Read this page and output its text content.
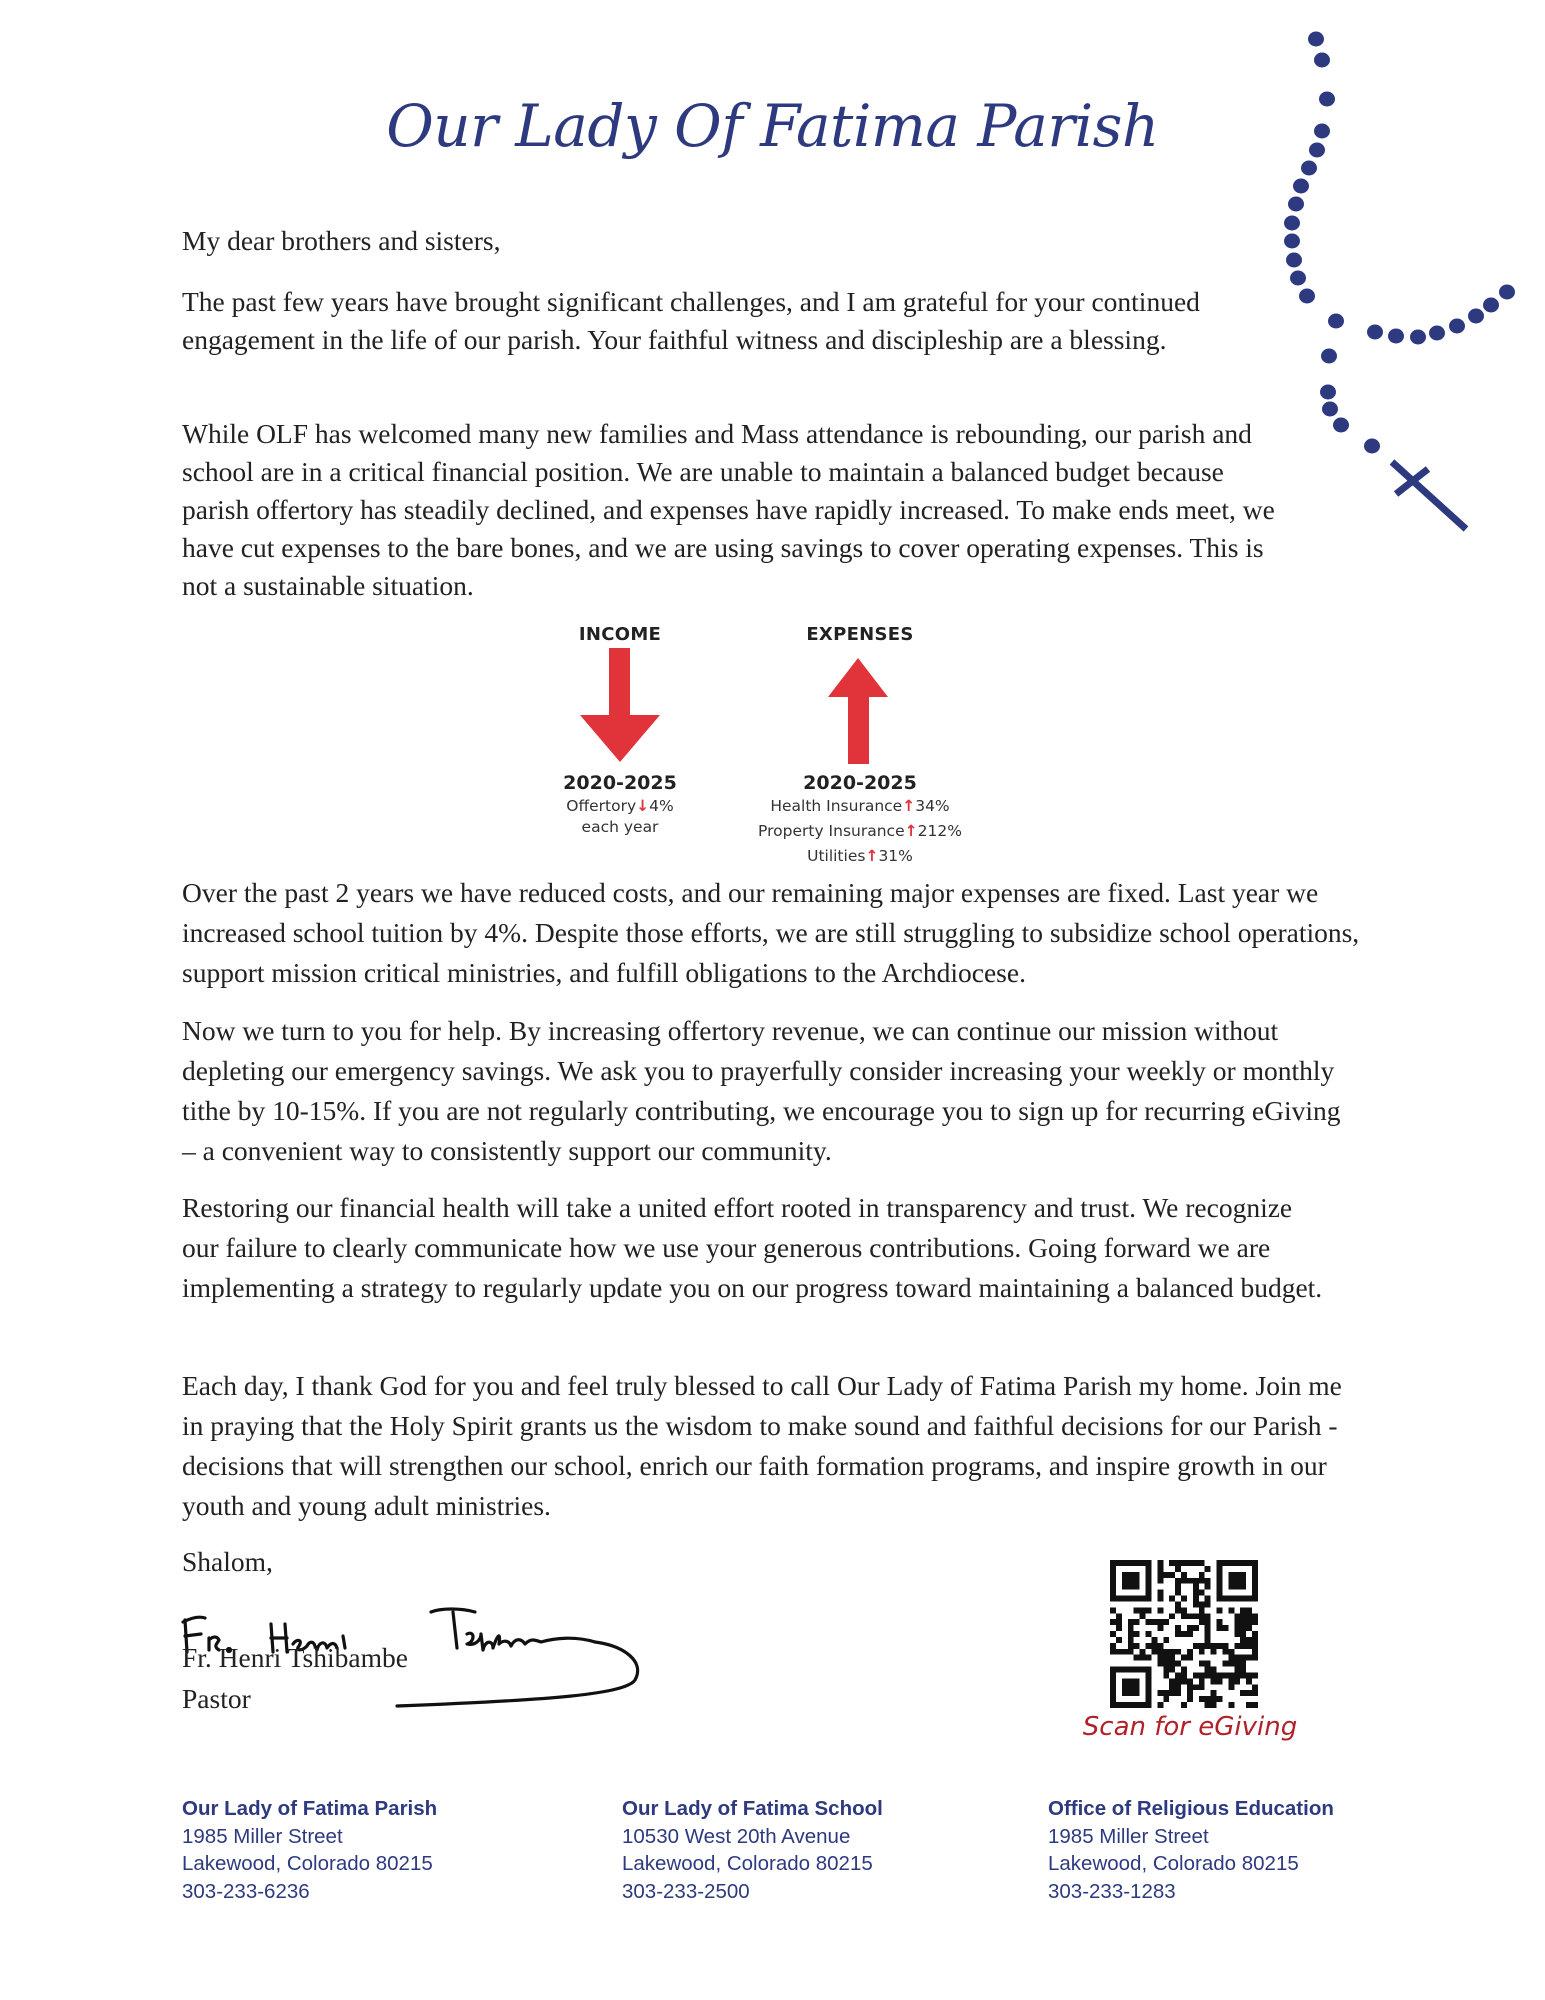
Our Lady Of Fatima Parish

My dear brothers and sisters,

The past few years have brought significant challenges, and I am grateful for your continued engagement in the life of our parish. Your faithful witness and discipleship are a blessing.

While OLF has welcomed many new families and Mass attendance is rebounding, our parish and school are in a critical financial position. We are unable to maintain a balanced budget because parish offertory has steadily declined, and expenses have rapidly increased. To make ends meet, we have cut expenses to the bare bones, and we are using savings to cover operating expenses. This is not a sustainable situation.

INCOME
2020-2025
Offertory↓4%
each year
EXPENSES
2020-2025
Health Insurance↑34%
Property Insurance↑212%
Utilities↑31%

Over the past 2 years we have reduced costs, and our remaining major expenses are fixed. Last year we increased school tuition by 4%. Despite those efforts, we are still struggling to subsidize school operations, support mission critical ministries, and fulfill obligations to the Archdiocese.

Now we turn to you for help. By increasing offertory revenue, we can continue our mission without depleting our emergency savings. We ask you to prayerfully consider increasing your weekly or monthly tithe by 10-15%. If you are not regularly contributing, we encourage you to sign up for recurring eGiving – a convenient way to consistently support our community.

Restoring our financial health will take a united effort rooted in transparency and trust. We recognize our failure to clearly communicate how we use your generous contributions. Going forward we are implementing a strategy to regularly update you on our progress toward maintaining a balanced budget.

Each day, I thank God for you and feel truly blessed to call Our Lady of Fatima Parish my home. Join me in praying that the Holy Spirit grants us the wisdom to make sound and faithful decisions for our Parish - decisions that will strengthen our school, enrich our faith formation programs, and inspire growth in our youth and young adult ministries.

Shalom,
Fr. Henri Tshibambe
Pastor
Scan for eGiving
Our Lady of Fatima Parish
1985 Miller Street
Lakewood, Colorado 80215
303-233-6236
Our Lady of Fatima School
10530 West 20th Avenue
Lakewood, Colorado 80215
303-233-2500
Office of Religious Education
1985 Miller Street
Lakewood, Colorado 80215
303-233-1283
